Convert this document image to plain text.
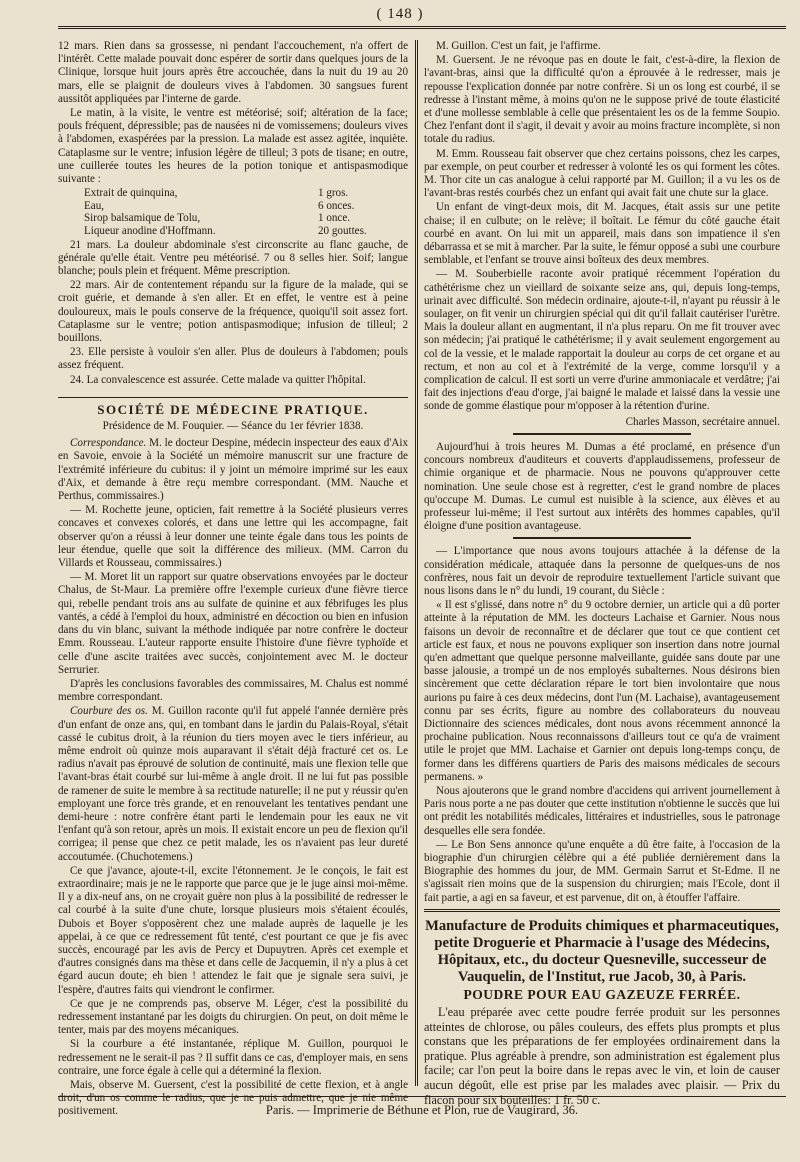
( 148 )

12 mars. Rien dans sa grossesse, ni pendant l'accouchement, n'a offert de l'intérêt. Cette malade pouvait donc espérer de sortir dans quelques jours de la Clinique, lorsque huit jours après être accouchée, dans la nuit du 19 au 20 mars, elle se plaignit de douleurs vives à l'abdomen. 30 sangsues furent aussitôt appliquées par l'interne de garde.

Le matin, à la visite, le ventre est météorisé; soif; altération de la face; pouls fréquent, dépressible; pas de nausées ni de vomissemens; douleurs vives à l'abdomen, exaspérées par la pression. La malade est assez agitée, inquiète. Cataplasme sur le ventre; infusion légère de tilleul; 3 pots de tisane; en outre, une cuillerée toutes les heures de la potion tonique et antispasmodique suivante :

Extrait de quinquina,	1 gros.
Eau,	6 onces.
Sirop balsamique de Tolu,	1 once.
Liqueur anodine d'Hoffmann.	20 gouttes.

21 mars. La douleur abdominale s'est circonscrite au flanc gauche, de générale qu'elle était. Ventre peu météorisé. 7 ou 8 selles hier. Soif; langue blanche; pouls plein et fréquent. Même prescription.

22 mars. Air de contentement répandu sur la figure de la malade, qui se croit guérie, et demande à s'en aller. Et en effet, le ventre est à peine douloureux, mais le pouls conserve de la fréquence, quoiqu'il soit assez fort. Cataplasme sur le ventre; potion antispasmodique; infusion de tilleul; 2 bouillons.

23. Elle persiste à vouloir s'en aller. Plus de douleurs à l'abdomen; pouls assez fréquent.

24. La convalescence est assurée. Cette malade va quitter l'hôpital.

SOCIÉTÉ DE MÉDECINE PRATIQUE.
Présidence de M. Fouquier. — Séance du 1er février 1838.

Correspondance. M. le docteur Despine, médecin inspecteur des eaux d'Aix en Savoie, envoie à la Société un mémoire manuscrit sur une fracture de l'extrémité inférieure du cubitus: il y joint un mémoire imprimé sur les eaux d'Aix, et demande à être reçu membre correspondant. (MM. Nauche et Perthus, commissaires.)

— M. Rochette jeune, opticien, fait remettre à la Société plusieurs verres concaves et convexes colorés, et dans une lettre qui les accompagne, fait observer qu'on a réussi à leur donner une teinte égale dans tous les points de leur étendue, quelle que soit la différence des milieux. (MM. Carron du Villards et Rousseau, commissaires.)

— M. Moret lit un rapport sur quatre observations envoyées par le docteur Chalus, de St-Maur. La première offre l'exemple curieux d'une fièvre tierce qui, rebelle pendant trois ans au sulfate de quinine et aux fébrifuges les plus vantés, a cédé à l'emploi du houx, administré en décoction ou bien en infusion dans du vin blanc, suivant la méthode indiquée par notre confrère le docteur Emm. Rousseau. L'auteur rapporte ensuite l'histoire d'une fièvre typhoïde et celle d'une ascite traitées avec succès, conjointement avec M. le docteur Serrurier.

D'après les conclusions favorables des commissaires, M. Chalus est nommé membre correspondant.

Courbure des os. M. Guillon raconte qu'il fut appelé l'année dernière près d'un enfant de onze ans, qui, en tombant dans le jardin du Palais-Royal, s'était cassé le cubitus droit, à la réunion du tiers moyen avec le tiers inférieur, au même endroit où quinze mois auparavant il s'était déjà fracturé cet os. Le radius n'avait pas éprouvé de solution de continuité, mais une flexion telle que l'avant-bras était courbé sur lui-même à angle droit. Il ne lui fut pas possible de ramener de suite le membre à sa rectitude naturelle; il ne put y réussir qu'en employant une force très grande, et en renouvelant les tentatives pendant une demi-heure : notre confrère étant parti le lendemain pour les eaux ne vit l'enfant qu'à son retour, après un mois. Il existait encore un peu de flexion qu'il corrigea; il pense que chez ce petit malade, les os n'avaient pas leur dureté accoutumée. (Chuchotemens.)

Ce que j'avance, ajoute-t-il, excite l'étonnement. Je le conçois, le fait est extraordinaire; mais je ne le rapporte que parce que je le juge ainsi moi-même. Il y a dix-neuf ans, on ne croyait guère non plus à la possibilité de redresser le cal courbé à la suite d'une chute, lorsque plusieurs mois s'étaient écoulés, Dubois et Boyer s'opposèrent chez une malade auprès de laquelle je les appelai, à ce que ce redressement fût tenté, c'est pourtant ce que je fis avec succès, encouragé par les avis de Percy et Dupuytren. Après cet exemple et d'autres consignés dans ma thèse et dans celle de Jacquemin, il n'y a plus à cet égard aucun doute; eh bien ! attendez le fait que je signale sera suivi, je l'espère, d'autres faits qui viendront le confirmer.

Ce que je ne comprends pas, observe M. Léger, c'est la possibilité du redressement instantané par les doigts du chirurgien. On peut, on doit même le tenter, mais par des moyens mécaniques.

Si la courbure a été instantanée, réplique M. Guillon, pourquoi le redressement ne le serait-il pas ? Il suffit dans ce cas, d'employer mais, en sens contraire, une force égale à celle qui a déterminé la flexion.

Mais, observe M. Guersent, c'est la possibilité de cette flexion, et à angle droit, d'un os comme le radius, que je ne puis admettre, que je nie même positivement.

M. Guillon. C'est un fait, je l'affirme.

M. Guersent. Je ne révoque pas en doute le fait, c'est-à-dire, la flexion de l'avant-bras, ainsi que la difficulté qu'on a éprouvée à le redresser, mais je repousse l'explication donnée par notre confrère. Si un os long est courbé, il se redresse à l'instant même, à moins qu'on ne le suppose privé de toute élasticité et d'une mollesse semblable à celle que présentaient les os de la femme Soupio. Chez l'enfant dont il s'agit, il devait y avoir au moins fracture incomplète, si non totale du radius.

M. Emm. Rousseau fait observer que chez certains poissons, chez les carpes, par exemple, on peut courber et redresser à volonté les os qui forment les côtes. M. Thor cite un cas analogue à celui rapporté par M. Guillon; il a vu les os de l'avant-bras restés courbés chez un enfant qui avait fait une chute sur la glace.

Un enfant de vingt-deux mois, dit M. Jacques, était assis sur une petite chaise; il en culbute; on le relève; il boîtait. Le fémur du côté gauche était courbé en avant. On lui mit un appareil, mais dans son impatience il s'en débarrassa et se mit à marcher. Par la suite, le fémur opposé a subi une courbure semblable, et l'enfant se trouve ainsi boîteux des deux membres.

— M. Souberbielle raconte avoir pratiqué récemment l'opération du cathétérisme chez un vieillard de soixante seize ans, qui, depuis long-temps, urinait avec difficulté. Son médecin ordinaire, ajoute-t-il, n'ayant pu réussir à le soulager, on fit venir un chirurgien spécial qui dit qu'il fallait cautériser l'urètre. Mais la douleur allant en augmentant, il n'a plus reparu. On me fit trouver avec son médecin; j'ai pratiqué le cathétérisme; il y avait seulement engorgement au col de la vessie, et le malade rapportait la douleur au corps de cet organe et au rectum, et non au col et à l'extrémité de la verge, comme lorsqu'il y a complication de calcul. Il est sorti un verre d'urine ammoniacale et verdâtre; j'ai fait des injections d'eau d'orge, j'ai baigné le malade et laissé dans la vessie une sonde de gomme élastique pour m'opposer à la rétention d'urine.

Charles Masson, secrétaire annuel.

Aujourd'hui à trois heures M. Dumas a été proclamé, en présence d'un concours nombreux d'auditeurs et couverts d'applaudissemens, professeur de chimie organique et de pharmacie. Nous ne pouvons qu'approuver cette nomination. Une seule chose est à regretter, c'est le grand nombre de places qu'occupe M. Dumas. Le cumul est nuisible à la science, aux élèves et au professeur lui-même; il l'est surtout aux intérêts des hommes capables, qu'il éloigne d'une position avantageuse.

— L'importance que nous avons toujours attachée à la défense de la considération médicale, attaquée dans la personne de quelques-uns de nos confrères, nous fait un devoir de reproduire textuellement l'article suivant que nous lisons dans le n° du lundi, 19 courant, du Siècle :

« Il est s'glissé, dans notre n° du 9 octobre dernier, un article qui a dû porter atteinte à la réputation de MM. les docteurs Lachaise et Garnier. Nous nous faisons un devoir de reconnaître et de déclarer que tout ce que contient cet article est faux, et nous ne pouvons expliquer son insertion dans notre journal qu'en admettant que quelque personne malveillante, guidée sans doute par une basse jalousie, a trompé un de nos employés subalternes. Nous désirons bien sincèrement que cette déclaration répare le tort bien involontaire que nous aurions pu faire à ces deux médecins, dont l'un (M. Lachaise), avantageusement connu par ses écrits, figure au nombre des collaborateurs du nouveau Dictionnaire des sciences médicales, dont nous avons récemment annoncé la prochaine publication. Nous reconnaissons d'ailleurs tout ce qu'a de vraiment utile le projet que MM. Lachaise et Garnier ont depuis long-temps conçu, de former dans les différens quartiers de Paris des maisons médicales de secours permanens. »

Nous ajouterons que le grand nombre d'accidens qui arrivent journellement à Paris nous porte a ne pas douter que cette institution n'obtienne le succès que lui ont prédit les notabilités médicales, littéraires et industrielles, sous le patronage desquelles elle sera fondée.

— Le Bon Sens annonce qu'une enquête a dû être faite, à l'occasion de la biographie d'un chirurgien célèbre qui a été publiée dernièrement dans la Biographie des hommes du jour, de MM. Germain Sarrut et St-Edme. Il ne s'agissait rien moins que de la suspension du chirurgien; mais l'Ecole, dont il fait partie, a agi en sa faveur, et est parvenue, dit on, à étouffer l'affaire.

Manufacture de Produits chimiques et pharmaceutiques, petite Droguerie et Pharmacie à l'usage des Médecins, Hôpitaux, etc., du docteur Quesneville, successeur de Vauquelin, de l'Institut, rue Jacob, 30, à Paris.
POUDRE POUR EAU GAZEUZE FERRÉE.

L'eau préparée avec cette poudre ferrée produit sur les personnes atteintes de chlorose, ou pâles couleurs, des effets plus prompts et plus constans que les préparations de fer employées ordinairement dans la pratique. Plus agréable à prendre, son administration est également plus facile; car l'on peut la boire dans le repas avec le vin, et loin de causer aucun dégoût, elle est prise par les malades avec plaisir. — Prix du flacon pour six bouteilles: 1 fr. 50 c.

Paris. — Imprimerie de Béthune et Plon, rue de Vaugirard, 36.
